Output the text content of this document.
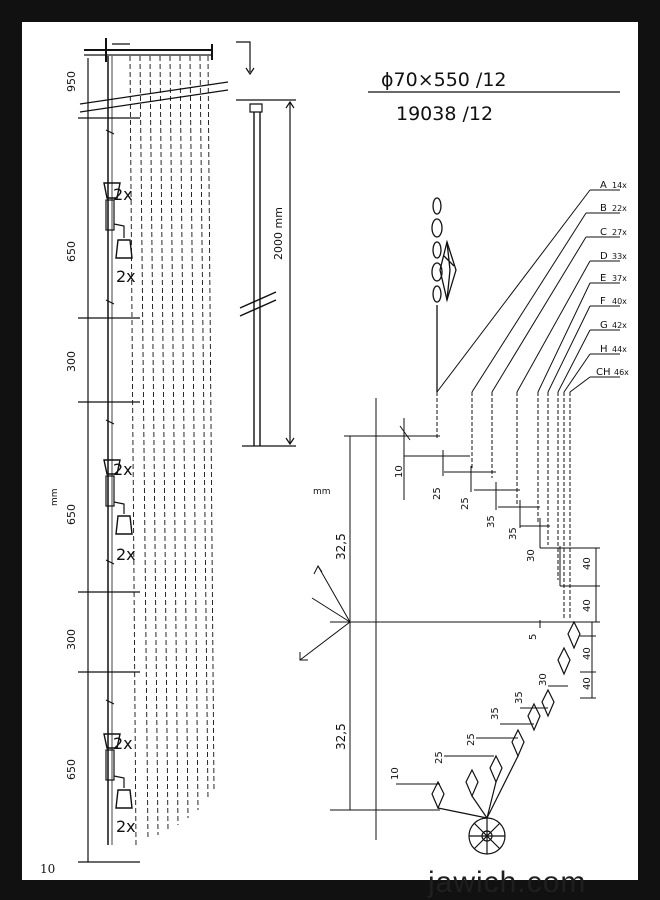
950
650
300
mm
650
300
650
2x
2x
2x
2x
2x
2x
2000 mm
ϕ70×550 /12
19038 /12
A 14x
B 22x
C 27x
D 33x
E 37x
F 40x
G 42x
H 44x
CH 46x
10
25
25
35
35
30
40
40
mm
32,5
32,5
5
40
30
35
35
25
25
10
40
10	jawich.com
